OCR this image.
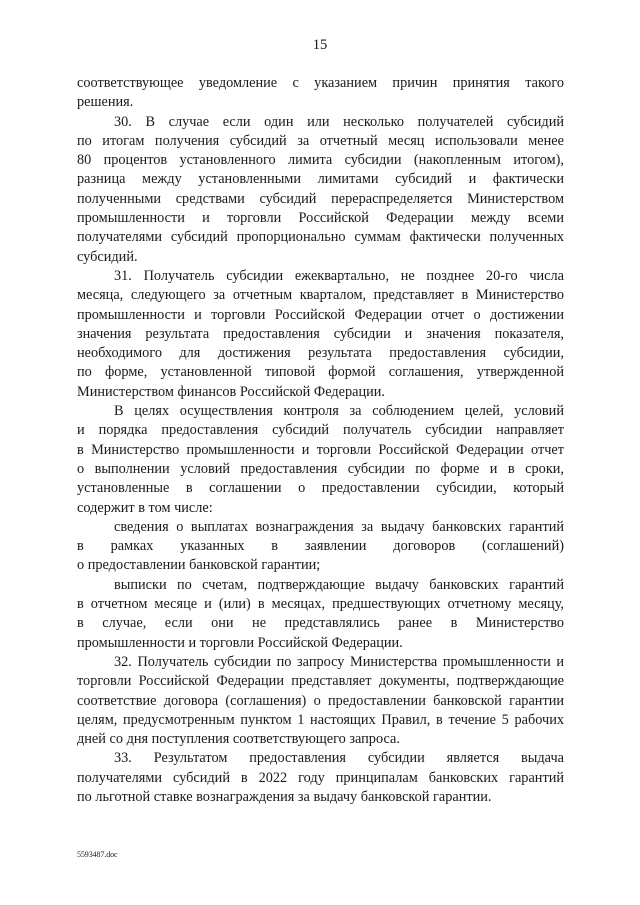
15
соответствующее уведомление с указанием причин принятия такого
решения.
30. В случае если один или несколько получателей субсидий
по итогам получения субсидий за отчетный месяц использовали менее
80 процентов установленного лимита субсидии (накопленным итогом),
разница между установленными лимитами субсидий и фактически
полученными средствами субсидий перераспределяется Министерством
промышленности и торговли Российской Федерации между всеми
получателями субсидий пропорционально суммам фактически полученных
субсидий.
31. Получатель субсидии ежеквартально, не позднее 20-го числа
месяца, следующего за отчетным кварталом, представляет в Министерство
промышленности и торговли Российской Федерации отчет о достижении
значения результата предоставления субсидии и значения показателя,
необходимого для достижения результата предоставления субсидии,
по форме, установленной типовой формой соглашения, утвержденной
Министерством финансов Российской Федерации.
В целях осуществления контроля за соблюдением целей, условий
и порядка предоставления субсидий получатель субсидии направляет
в Министерство промышленности и торговли Российской Федерации отчет
о выполнении условий предоставления субсидии по форме и в сроки,
установленные в соглашении о предоставлении субсидии, который
содержит в том числе:
сведения о выплатах вознаграждения за выдачу банковских гарантий
в рамках указанных в заявлении договоров (соглашений)
о предоставлении банковской гарантии;
выписки по счетам, подтверждающие выдачу банковских гарантий
в отчетном месяце и (или) в месяцах, предшествующих отчетному месяцу,
в случае, если они не представлялись ранее в Министерство
промышленности и торговли Российской Федерации.
32. Получатель субсидии по запросу Министерства промышленности и
торговли Российской Федерации представляет документы, подтверждающие
соответствие договора (соглашения) о предоставлении банковской гарантии
целям, предусмотренным пунктом 1 настоящих Правил, в течение 5 рабочих
дней со дня поступления соответствующего запроса.
33. Результатом предоставления субсидии является выдача
получателями субсидий в 2022 году принципалам банковских гарантий
по льготной ставке вознаграждения за выдачу банковской гарантии.
5593487.doc
